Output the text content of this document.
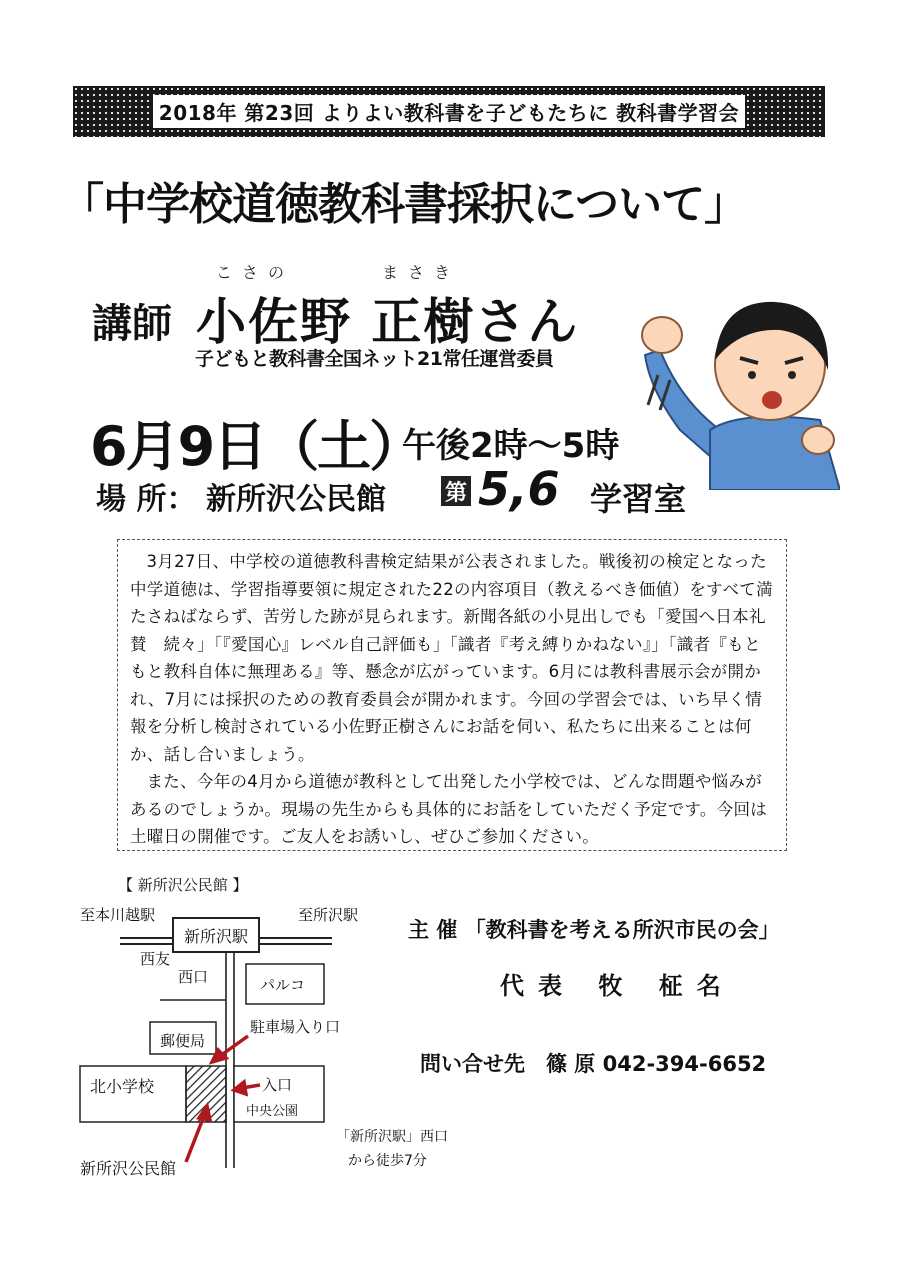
2018年 第23回 よりよい教科書を子どもたちに 教科書学習会
「中学校道徳教科書採択について」
こさの	まさき
講師 小佐野 正樹さん
子どもと教科書全国ネット21常任運営委員
6月9日（土）
午後2時～5時
場 所： 新所沢公民館	第 5,6 学習室

3月27日、中学校の道徳教科書検定結果が公表されました。戦後初の検定となった中学道徳は、学習指導要領に規定された22の内容項目（教えるべき価値）をすべて満たさねばならず、苦労した跡が見られます。新聞各紙の小見出しでも「愛国へ日本礼賛　続々」「『愛国心』レベル自己評価も」「識者『考え縛りかねない』」「識者『もともと教科自体に無理ある』等、懸念が広がっています。6月には教科書展示会が開かれ、7月には採択のための教育委員会が開かれます。今回の学習会では、いち早く情報を分析し検討されている小佐野正樹さんにお話を伺い、私たちに出来ることは何か、話し合いましょう。

また、今年の4月から道徳が教科として出発した小学校では、どんな問題や悩みがあるのでしょうか。現場の先生からも具体的にお話をしていただく予定です。今回は土曜日の開催です。ご友人をお誘いし、ぜひご参加ください。

【 新所沢公民館 】
至本川越駅	至所沢駅
新所沢駅
西友
西口	パルコ
駐車場入り口
郵便局
北小学校	入口
中央公園
新所沢公民館
「新所沢駅」西口
から徒歩7分
主 催 「教科書を考える所沢市民の会」
代表 牧 柾名
問い合せ先　篠 原 042-394-6652
